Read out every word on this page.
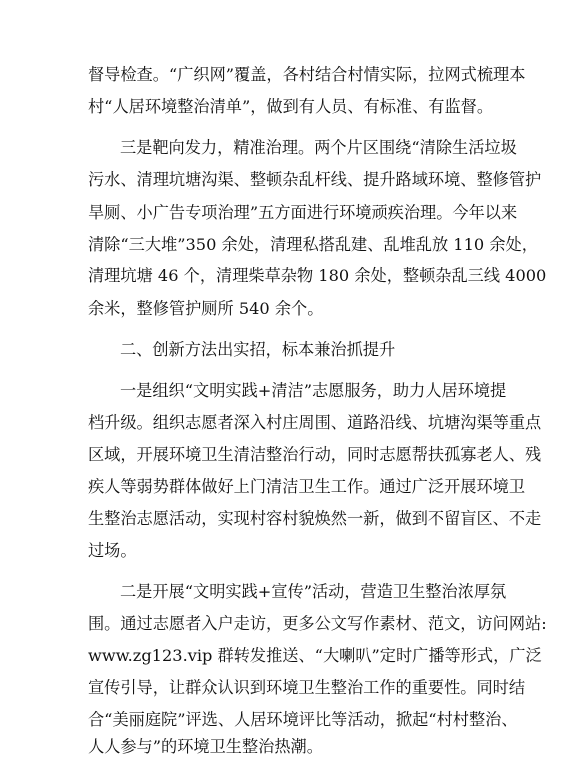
督导检查。“广织网”覆盖，各村结合村情实际，拉网式梳理本
村“人居环境整治清单”，做到有人员、有标准、有监督。
三是靶向发力，精准治理。两个片区围绕“清除生活垃圾
污水、清理坑塘沟渠、整顿杂乱杆线、提升路域环境、整修管护
旱厕、小广告专项治理”五方面进行环境顽疾治理。今年以来
清除“三大堆”350 余处，清理私搭乱建、乱堆乱放 110 余处，
清理坑塘 46 个，清理柴草杂物 180 余处，整顿杂乱三线 4000
余米，整修管护厕所 540 余个。
二、创新方法出实招，标本兼治抓提升
一是组织“文明实践+清洁”志愿服务，助力人居环境提
档升级。组织志愿者深入村庄周围、道路沿线、坑塘沟渠等重点
区域，开展环境卫生清洁整治行动，同时志愿帮扶孤寡老人、残
疾人等弱势群体做好上门清洁卫生工作。通过广泛开展环境卫
生整治志愿活动，实现村容村貌焕然一新，做到不留盲区、不走
过场。
二是开展“文明实践+宣传”活动，营造卫生整治浓厚氛
围。通过志愿者入户走访，更多公文写作素材、范文，访问网站:
www.zg123.vip 群转发推送、“大喇叭”定时广播等形式，广泛
宣传引导，让群众认识到环境卫生整治工作的重要性。同时结
合“美丽庭院”评选、人居环境评比等活动，掀起“村村整治、
人人参与”的环境卫生整治热潮。
